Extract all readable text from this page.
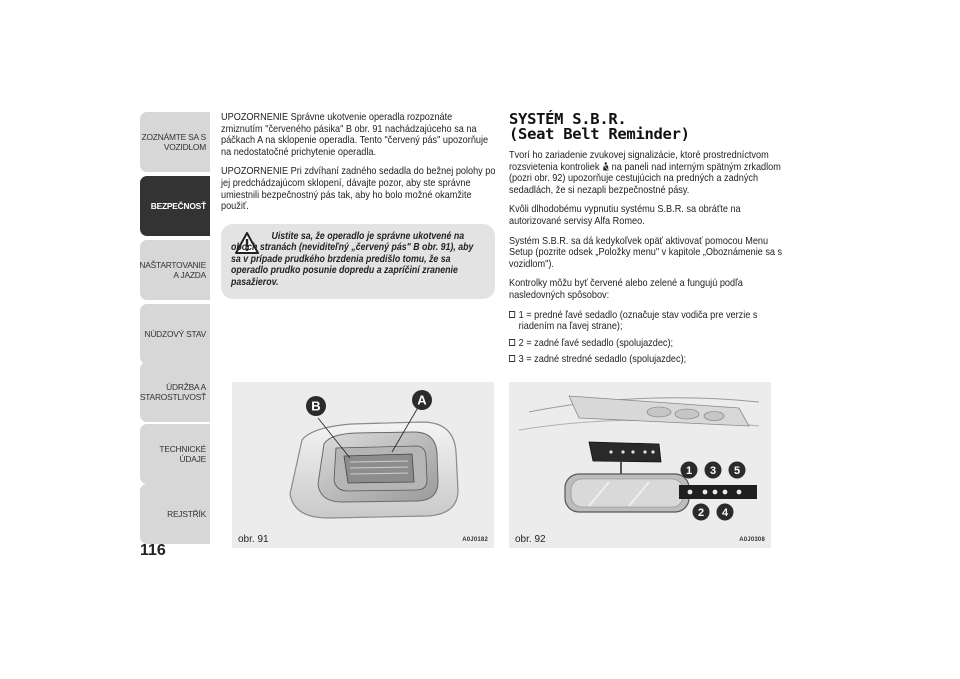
ZOZNÁMTE SA S VOZIDLOM
BEZPEČNOSŤ
NAŠTARTOVANIE A JAZDA
NÚDZOVÝ STAV
ÚDRŽBA A STAROSTLIVOSŤ
TECHNICKÉ ÚDAJE
REJSTŘÍK
116

UPOZORNENIE Správne ukotvenie operadla rozpoznáte zmiznutím "červeného pásika" B obr. 91 nachádzajúceho sa na páčkach A na sklopenie operadla. Tento "červený pás" upozorňuje na nedostatočné prichytenie operadla.

UPOZORNENIE Pri zdvíhaní zadného sedadla do bežnej polohy po jej predchádzajúcom sklopení, dávajte pozor, aby ste správne umiestnili bezpečnostný pás tak, aby ho bolo možné okamžite použiť.

Uistite sa, že operadlo je správne ukotvené na oboch stranách (neviditeľný „červený pás" B obr. 91), aby sa v prípade prudkého brzdenia predišlo tomu, že sa operadlo prudko posunie dopredu a zapríčiní zranenie pasažierov.

SYSTÉM S.B.R.
(Seat Belt Reminder)

Tvorí ho zariadenie zvukovej signalizácie, ktoré prostredníctvom rozsvietenia kontroliek na paneli nad interným spätným zrkadlom (pozri obr. 92) upozorňuje cestujúcich na predných a zadných sedadlách, že si nezapli bezpečnostné pásy.

Kvôli dlhodobému vypnutiu systému S.B.R. sa obráťte na autorizované servisy Alfa Romeo.

Systém S.B.R. sa dá kedykoľvek opäť aktivovať pomocou Menu Setup (pozrite odsek „Položky menu" v kapitole „Oboznámenie sa s vozidlom").

Kontrolky môžu byť červené alebo zelené a fungujú podľa nasledovných spôsobov:

1 = predné ľavé sedadlo (označuje stav vodiča pre verzie s riadením na ľavej strane);
2 = zadné ľavé sedadlo (spolujazdec);
3 = zadné stredné sedadlo (spolujazdec);
B	A
obr. 91	A0J0182
1 3 5
2 4
obr. 92	A0J0308
